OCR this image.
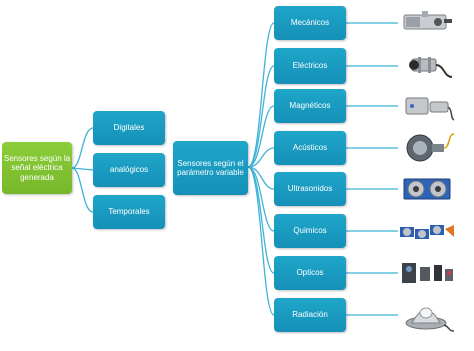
Sensores según la señal eléctrica generada
Digitales
analógicos
Temporales
Sensores según el parámetro variable
Mecánicos
Eléctricos
Magnéticos
Acústicos
Ultrasonidos
Quimicos
Opticos
Radiación
